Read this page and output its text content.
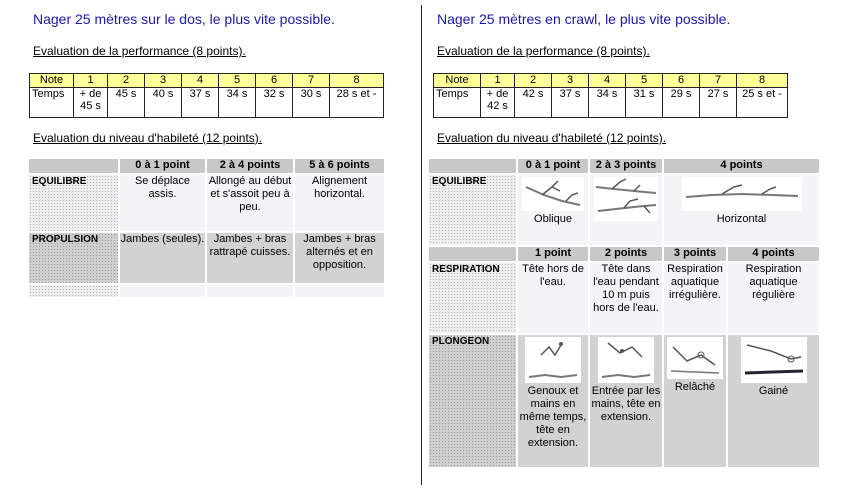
Nager 25 mètres sur le dos, le plus vite possible.
Evaluation de la performance (8 points).
Note	1	2	3	4	5	6	7	8
Temps	+ de 45 s	45 s	40 s	37 s	34 s	32 s	30 s	28 s et -
Evaluation du niveau d'habileté (12 points).
	0 à 1 point	2 à 4 points	5 à 6 points
EQUILIBRE	Se déplace assis.	Allongé au début et s'assoit peu à peu.	Alignement horizontal.
PROPULSION	Jambes (seules).	Jambes + bras rattrapé cuisses.	Jambes + bras alternés et en opposition.

Nager 25 mètres en crawl, le plus vite possible.
Evaluation de la performance (8 points).
Note	1	2	3	4	5	6	7	8
Temps	+ de 42 s	42 s	37 s	34 s	31 s	29 s	27 s	25 s et -
Evaluation du niveau d'habileté (12 points).
	0 à 1 point	2 à 3 points	4 points	
EQUILIBRE	Oblique		Horizontal	
	1 point	2 points	3 points	4 points
RESPIRATION	Tête hors de l'eau.	Tête dans l'eau pendant 10 m puis hors de l'eau.	Respiration aquatique irrégulière.	Respiration aquatique régulière
PLONGEON	Genoux et mains en même temps, tête en extension.	Entrée par les mains, tête en extension.	Relâché	Gainé
